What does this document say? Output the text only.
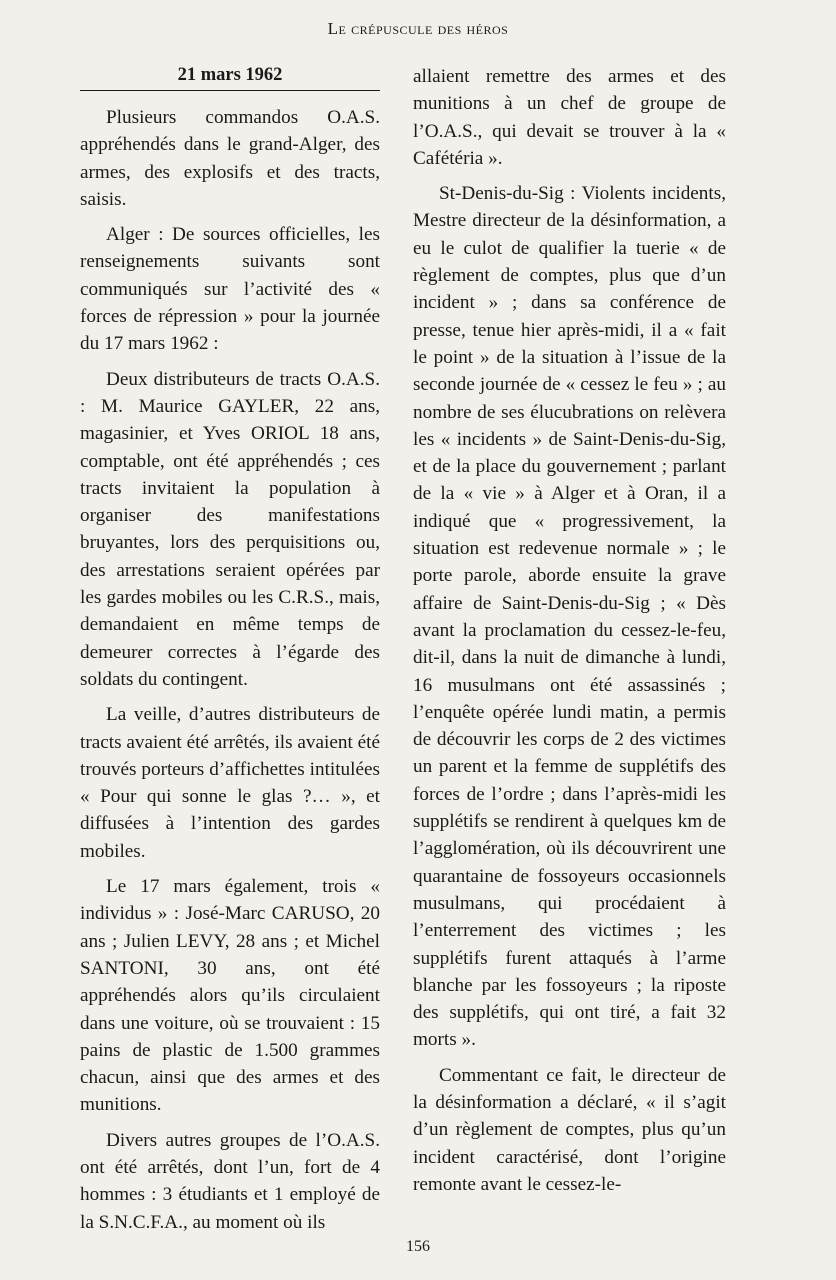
Le crépuscule des héros
21 mars 1962

Plusieurs commandos O.A.S. appréhendés dans le grand-Alger, des armes, des explosifs et des tracts, saisis.

Alger : De sources officielles, les renseignements suivants sont communiqués sur l’activité des « forces de répression » pour la journée du 17 mars 1962 :

Deux distributeurs de tracts O.A.S. : M. Maurice GAYLER, 22 ans, magasinier, et Yves ORIOL 18 ans, comptable, ont été appréhendés ; ces tracts invitaient la population à organiser des manifestations bruyantes, lors des perquisitions ou, des arrestations seraient opérées par les gardes mobiles ou les C.R.S., mais, demandaient en même temps de demeurer correctes à l’égarde des soldats du contingent.

La veille, d’autres distributeurs de tracts avaient été arrêtés, ils avaient été trouvés porteurs d’affichettes intitulées « Pour qui sonne le glas ?… », et diffusées à l’intention des gardes mobiles.

Le 17 mars également, trois « individus » : José-Marc CARUSO, 20 ans ; Julien LEVY, 28 ans ; et Michel SANTONI, 30 ans, ont été appréhendés alors qu’ils circulaient dans une voiture, où se trouvaient : 15 pains de plastic de 1.500 grammes chacun, ainsi que des armes et des munitions.

Divers autres groupes de l’O.A.S. ont été arrêtés, dont l’un, fort de 4 hommes : 3 étudiants et 1 employé de la S.N.C.F.A., au moment où ils

allaient remettre des armes et des munitions à un chef de groupe de l’O.A.S., qui devait se trouver à la « Cafétéria ».

St-Denis-du-Sig : Violents incidents, Mestre directeur de la désinformation, a eu le culot de qualifier la tuerie « de règlement de comptes, plus que d’un incident » ; dans sa conférence de presse, tenue hier après-midi, il a « fait le point » de la situation à l’issue de la seconde journée de « cessez le feu » ; au nombre de ses élucubrations on relèvera les « incidents » de Saint-Denis-du-Sig, et de la place du gouvernement ; parlant de la « vie » à Alger et à Oran, il a indiqué que « progressivement, la situation est redevenue normale » ; le porte parole, aborde ensuite la grave affaire de Saint-Denis-du-Sig ; « Dès avant la proclamation du cessez-le-feu, dit-il, dans la nuit de dimanche à lundi, 16 musulmans ont été assassinés ; l’enquête opérée lundi matin, a permis de découvrir les corps de 2 des victimes un parent et la femme de supplétifs des forces de l’ordre ; dans l’après-midi les supplétifs se rendirent à quelques km de l’agglomération, où ils découvrirent une quarantaine de fossoyeurs occasionnels musulmans, qui procédaient à l’enterrement des victimes ; les supplétifs furent attaqués à l’arme blanche par les fossoyeurs ; la riposte des supplétifs, qui ont tiré, a fait 32 morts ».

Commentant ce fait, le directeur de la désinformation a déclaré, « il s’agit d’un règlement de comptes, plus qu’un incident caractérisé, dont l’origine remonte avant le cessez-le-

156
